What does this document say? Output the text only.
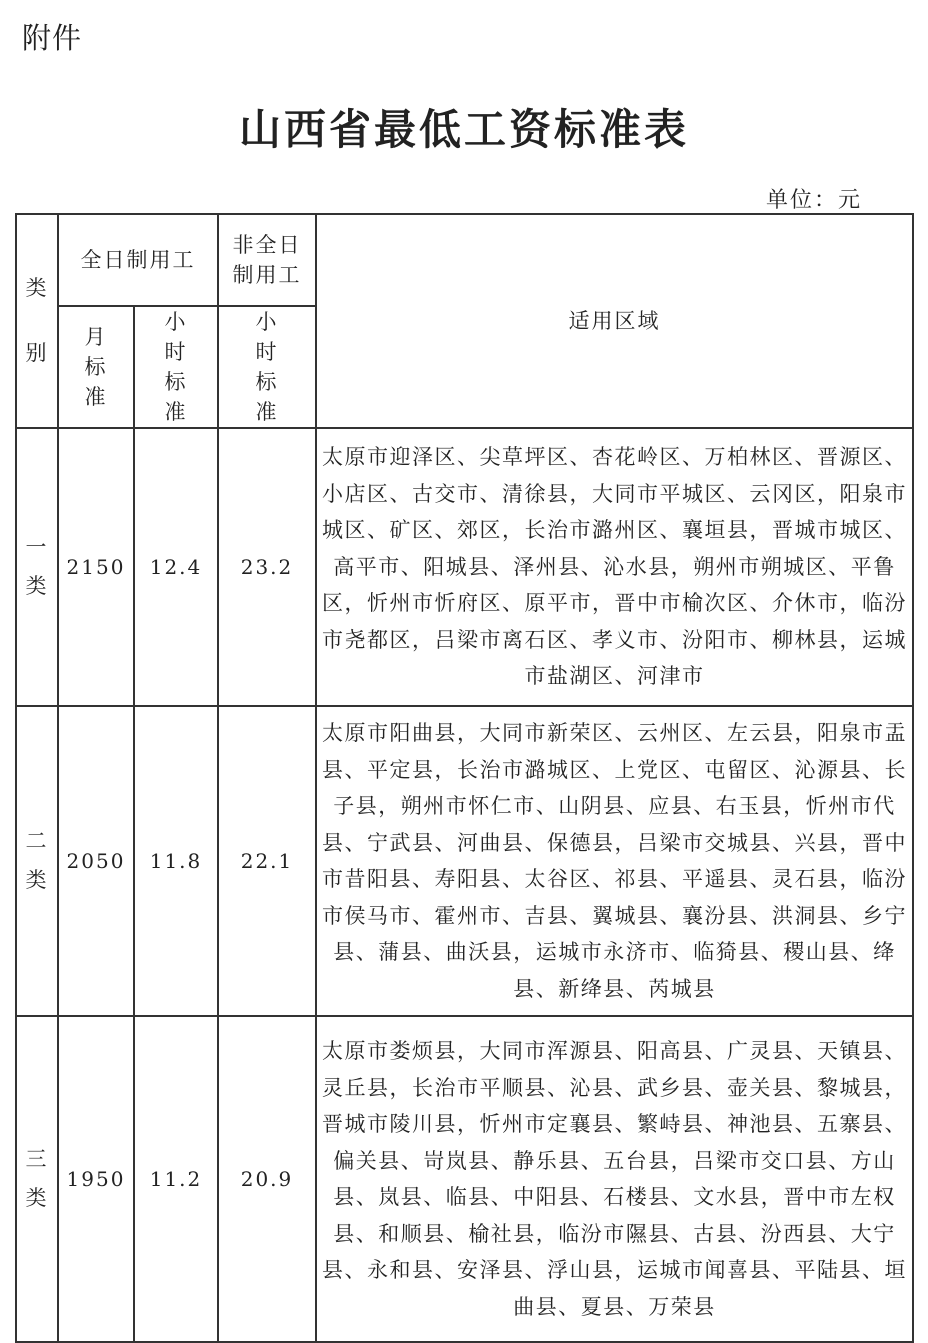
附件
山西省最低工资标准表
单位：元
类
别	全日制用工		非全日制用工	适用区域

	月标准	小时标准	小时标准	

一
类	2150	12.4	23.2	太原市迎泽区、尖草坪区、杏花岭区、万柏林区、晋源区、小店区、古交市、清徐县，大同市平城区、云冈区，阳泉市城区、矿区、郊区，长治市潞州区、襄垣县，晋城市城区、高平市、阳城县、泽州县、沁水县，朔州市朔城区、平鲁区，忻州市忻府区、原平市，晋中市榆次区、介休市，临汾市尧都区，吕梁市离石区、孝义市、汾阳市、柳林县，运城市盐湖区、河津市

二
类	2050	11.8	22.1	太原市阳曲县，大同市新荣区、云州区、左云县，阳泉市盂县、平定县，长治市潞城区、上党区、屯留区、沁源县、长子县，朔州市怀仁市、山阴县、应县、右玉县，忻州市代县、宁武县、河曲县、保德县，吕梁市交城县、兴县，晋中市昔阳县、寿阳县、太谷区、祁县、平遥县、灵石县，临汾市侯马市、霍州市、吉县、翼城县、襄汾县、洪洞县、乡宁县、蒲县、曲沃县，运城市永济市、临猗县、稷山县、绛县、新绛县、芮城县

三
类	1950	11.2	20.9	太原市娄烦县，大同市浑源县、阳高县、广灵县、天镇县、灵丘县，长治市平顺县、沁县、武乡县、壶关县、黎城县，晋城市陵川县，忻州市定襄县、繁峙县、神池县、五寨县、偏关县、岢岚县、静乐县、五台县，吕梁市交口县、方山县、岚县、临县、中阳县、石楼县、文水县，晋中市左权县、和顺县、榆社县，临汾市隰县、古县、汾西县、大宁县、永和县、安泽县、浮山县，运城市闻喜县、平陆县、垣曲县、夏县、万荣县
